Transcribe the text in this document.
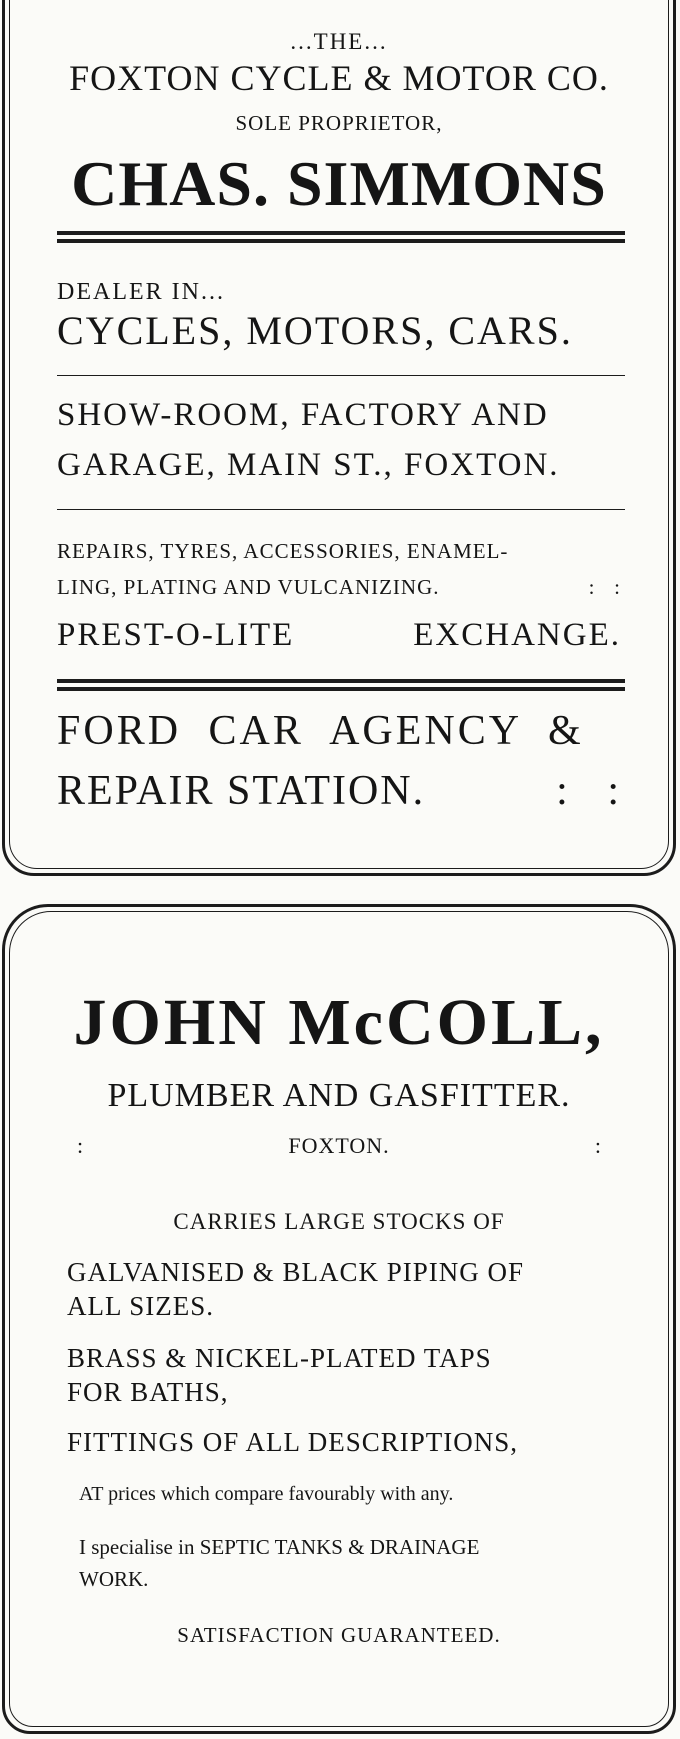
...THE...
FOXTON CYCLE & MOTOR CO.
SOLE PROPRIETOR,
CHAS. SIMMONS
DEALER IN...
CYCLES, MOTORS, CARS.
SHOW-ROOM, FACTORY AND
GARAGE, MAIN ST., FOXTON.
REPAIRS, TYRES, ACCESSORIES, ENAMEL-
LING, PLATING AND VULCANIZING.	:   :
PREST-O-LITE	EXCHANGE.
FORD CAR AGENCY &
REPAIR STATION.	:   :
JOHN McCOLL,
PLUMBER AND GASFITTER.
:	FOXTON.	:
CARRIES LARGE STOCKS OF
GALVANISED & BLACK PIPING OF
ALL SIZES.
BRASS & NICKEL-PLATED TAPS
FOR BATHS,
FITTINGS OF ALL DESCRIPTIONS,
AT prices which compare favourably with any.
I specialise in SEPTIC TANKS & DRAINAGE
WORK.
SATISFACTION GUARANTEED.
